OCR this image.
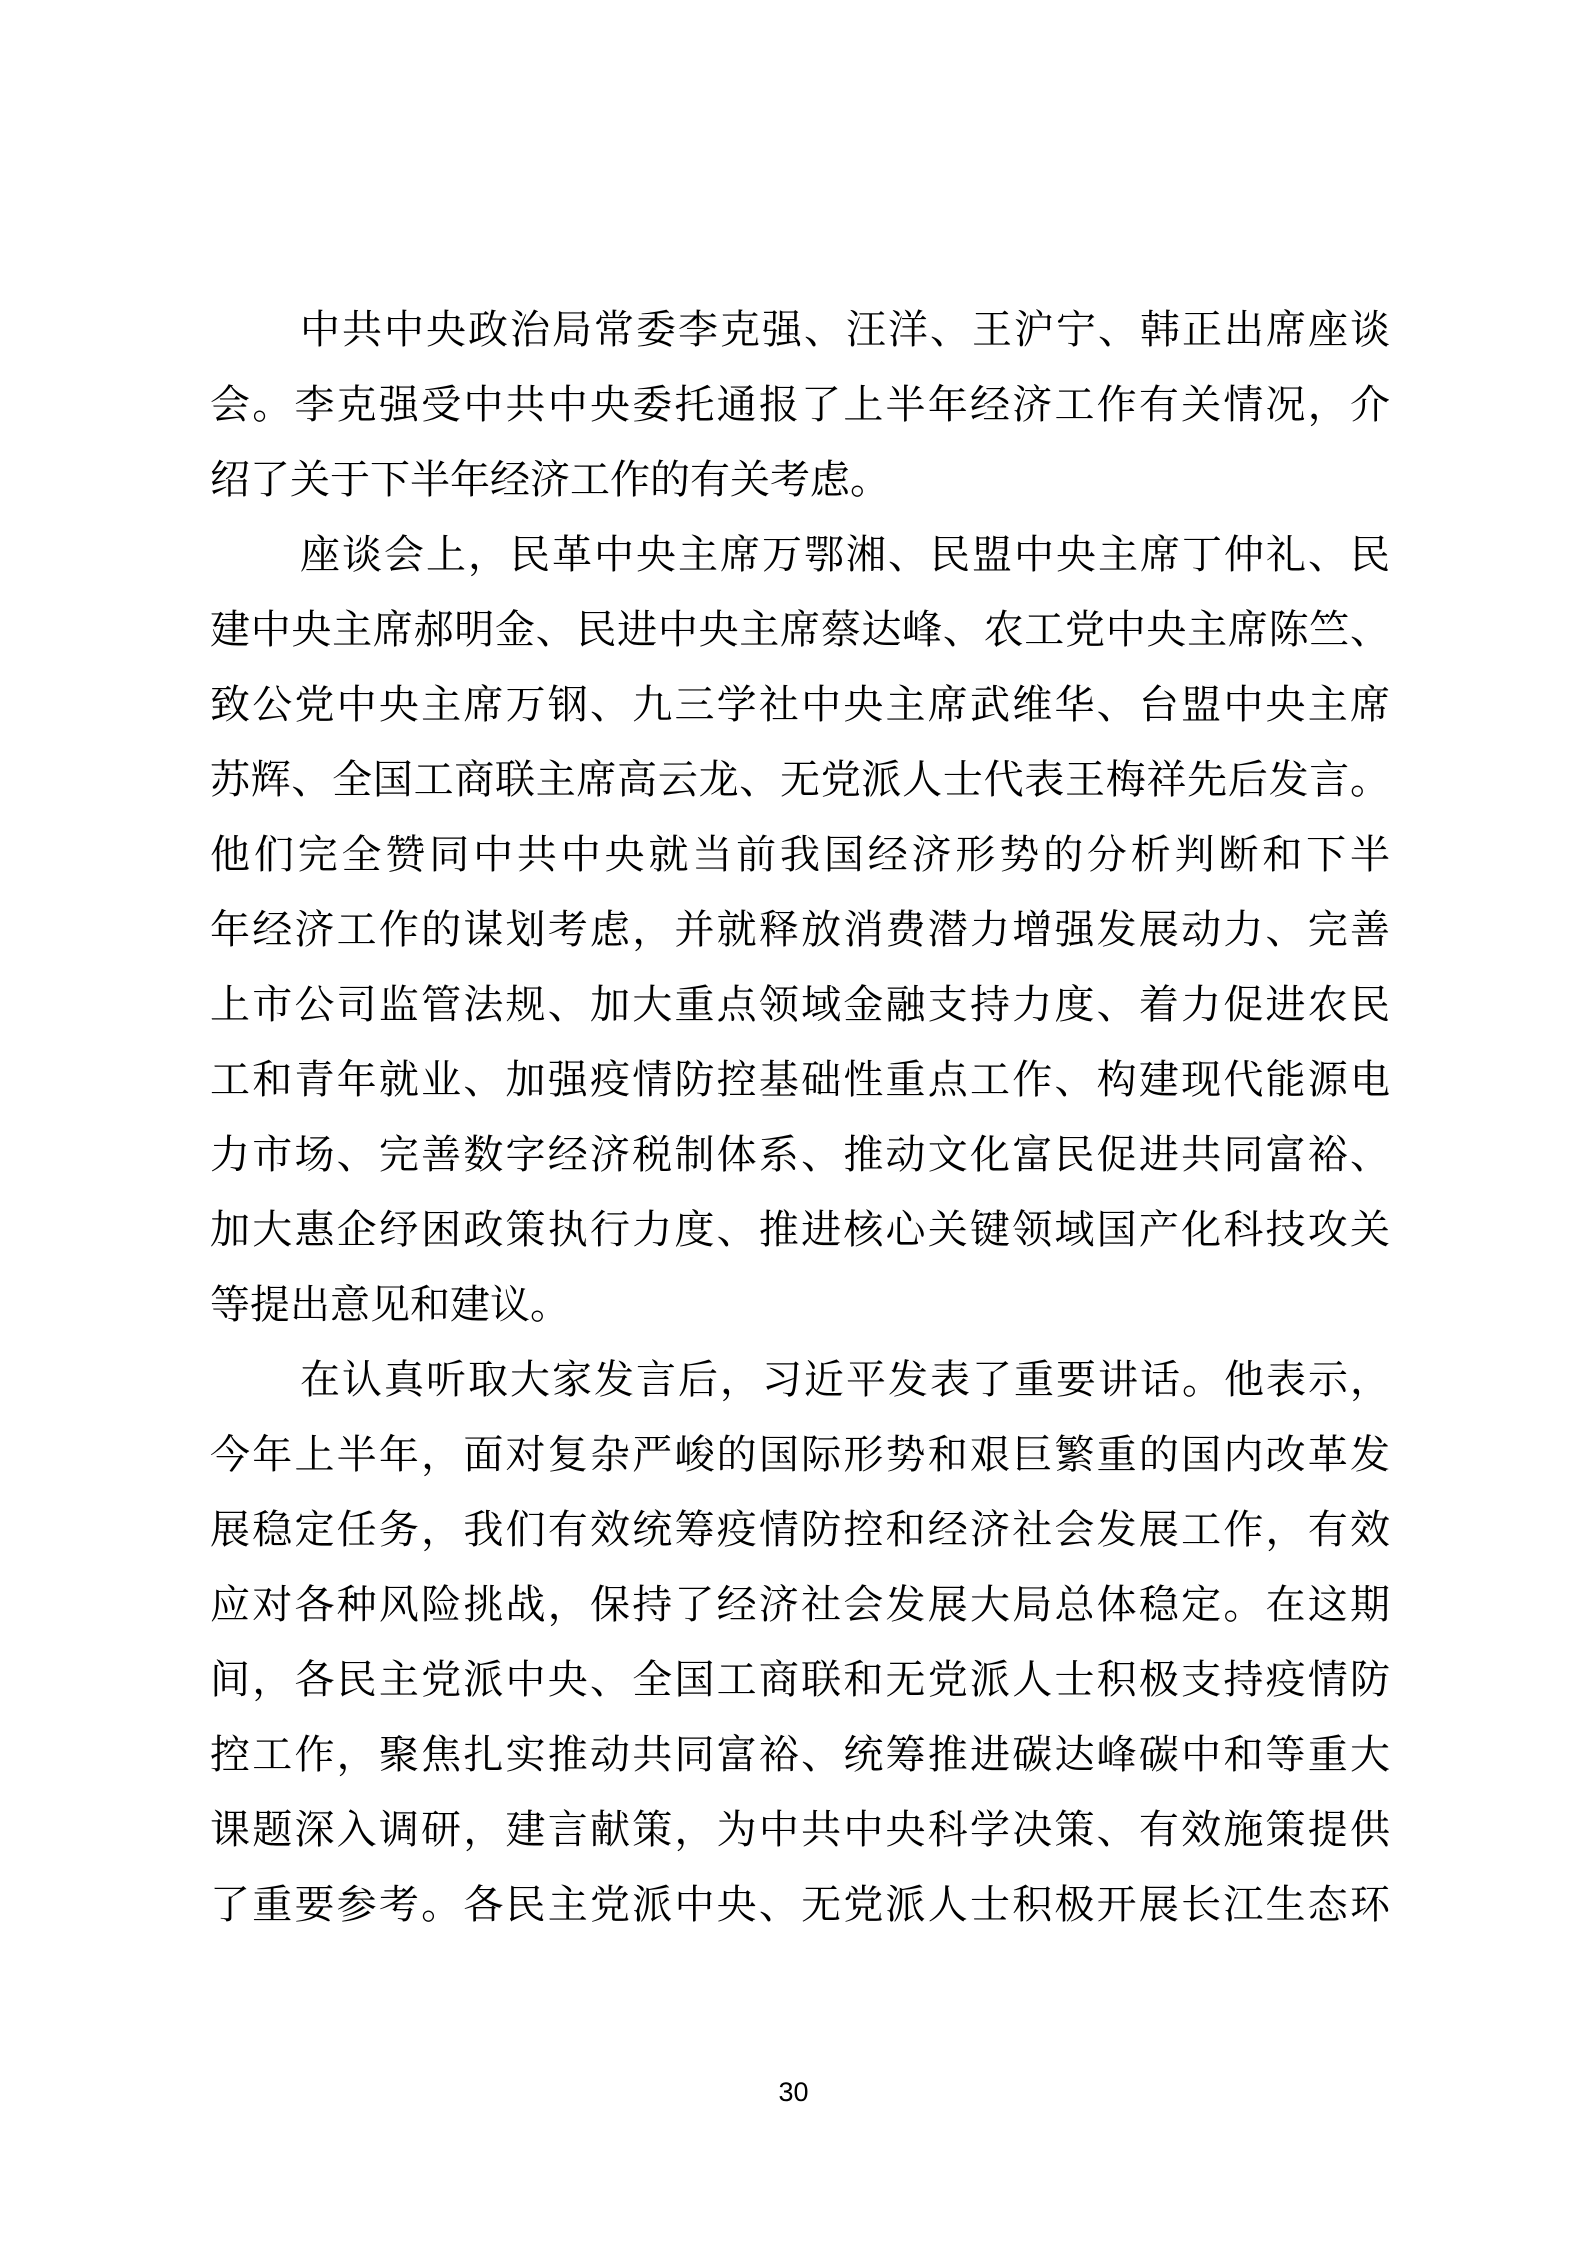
中共中央政治局常委李克强、汪洋、王沪宁、韩正出席座谈
会。李克强受中共中央委托通报了上半年经济工作有关情况，介
绍了关于下半年经济工作的有关考虑。
座谈会上，民革中央主席万鄂湘、民盟中央主席丁仲礼、民
建中央主席郝明金、民进中央主席蔡达峰、农工党中央主席陈竺、
致公党中央主席万钢、九三学社中央主席武维华、台盟中央主席
苏辉、全国工商联主席高云龙、无党派人士代表王梅祥先后发言。
他们完全赞同中共中央就当前我国经济形势的分析判断和下半
年经济工作的谋划考虑，并就释放消费潜力增强发展动力、完善
上市公司监管法规、加大重点领域金融支持力度、着力促进农民
工和青年就业、加强疫情防控基础性重点工作、构建现代能源电
力市场、完善数字经济税制体系、推动文化富民促进共同富裕、
加大惠企纾困政策执行力度、推进核心关键领域国产化科技攻关
等提出意见和建议。
在认真听取大家发言后，习近平发表了重要讲话。他表示，
今年上半年，面对复杂严峻的国际形势和艰巨繁重的国内改革发
展稳定任务，我们有效统筹疫情防控和经济社会发展工作，有效
应对各种风险挑战，保持了经济社会发展大局总体稳定。在这期
间，各民主党派中央、全国工商联和无党派人士积极支持疫情防
控工作，聚焦扎实推动共同富裕、统筹推进碳达峰碳中和等重大
课题深入调研，建言献策，为中共中央科学决策、有效施策提供
了重要参考。各民主党派中央、无党派人士积极开展长江生态环
30
